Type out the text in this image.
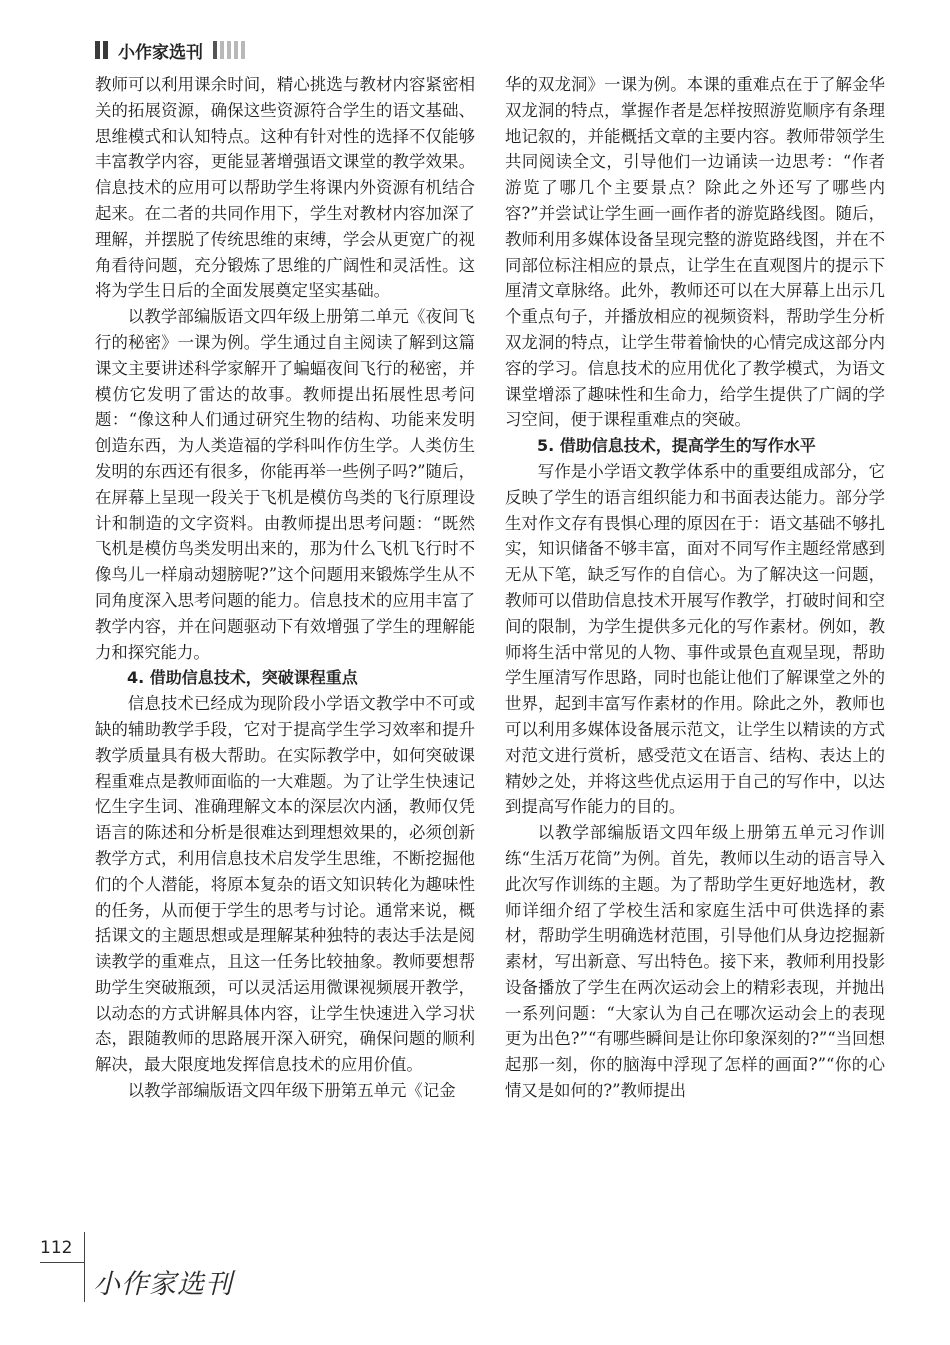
小作家选刊

教师可以利用课余时间，精心挑选与教材内容紧密相关的拓展资源，确保这些资源符合学生的语文基础、思维模式和认知特点。这种有针对性的选择不仅能够丰富教学内容，更能显著增强语文课堂的教学效果。信息技术的应用可以帮助学生将课内外资源有机结合起来。在二者的共同作用下，学生对教材内容加深了理解，并摆脱了传统思维的束缚，学会从更宽广的视角看待问题，充分锻炼了思维的广阔性和灵活性。这将为学生日后的全面发展奠定坚实基础。

以教学部编版语文四年级上册第二单元《夜间飞行的秘密》一课为例。学生通过自主阅读了解到这篇课文主要讲述科学家解开了蝙蝠夜间飞行的秘密，并模仿它发明了雷达的故事。教师提出拓展性思考问题：“像这种人们通过研究生物的结构、功能来发明创造东西，为人类造福的学科叫作仿生学。人类仿生发明的东西还有很多，你能再举一些例子吗?”随后，在屏幕上呈现一段关于飞机是模仿鸟类的飞行原理设计和制造的文字资料。由教师提出思考问题：“既然飞机是模仿鸟类发明出来的，那为什么飞机飞行时不像鸟儿一样扇动翅膀呢?”这个问题用来锻炼学生从不同角度深入思考问题的能力。信息技术的应用丰富了教学内容，并在问题驱动下有效增强了学生的理解能力和探究能力。

4. 借助信息技术，突破课程重点

信息技术已经成为现阶段小学语文教学中不可或缺的辅助教学手段，它对于提高学生学习效率和提升教学质量具有极大帮助。在实际教学中，如何突破课程重难点是教师面临的一大难题。为了让学生快速记忆生字生词、准确理解文本的深层次内涵，教师仅凭语言的陈述和分析是很难达到理想效果的，必须创新教学方式，利用信息技术启发学生思维，不断挖掘他们的个人潜能，将原本复杂的语文知识转化为趣味性的任务，从而便于学生的思考与讨论。通常来说，概括课文的主题思想或是理解某种独特的表达手法是阅读教学的重难点，且这一任务比较抽象。教师要想帮助学生突破瓶颈，可以灵活运用微课视频展开教学，以动态的方式讲解具体内容，让学生快速进入学习状态，跟随教师的思路展开深入研究，确保问题的顺利解决，最大限度地发挥信息技术的应用价值。

以教学部编版语文四年级下册第五单元《记金

华的双龙洞》一课为例。本课的重难点在于了解金华双龙洞的特点，掌握作者是怎样按照游览顺序有条理地记叙的，并能概括文章的主要内容。教师带领学生共同阅读全文，引导他们一边诵读一边思考：“作者游览了哪几个主要景点？除此之外还写了哪些内容?”并尝试让学生画一画作者的游览路线图。随后，教师利用多媒体设备呈现完整的游览路线图，并在不同部位标注相应的景点，让学生在直观图片的提示下厘清文章脉络。此外，教师还可以在大屏幕上出示几个重点句子，并播放相应的视频资料，帮助学生分析双龙洞的特点，让学生带着愉快的心情完成这部分内容的学习。信息技术的应用优化了教学模式，为语文课堂增添了趣味性和生命力，给学生提供了广阔的学习空间，便于课程重难点的突破。

5. 借助信息技术，提高学生的写作水平

写作是小学语文教学体系中的重要组成部分，它反映了学生的语言组织能力和书面表达能力。部分学生对作文存有畏惧心理的原因在于：语文基础不够扎实，知识储备不够丰富，面对不同写作主题经常感到无从下笔，缺乏写作的自信心。为了解决这一问题，教师可以借助信息技术开展写作教学，打破时间和空间的限制，为学生提供多元化的写作素材。例如，教师将生活中常见的人物、事件或景色直观呈现，帮助学生厘清写作思路，同时也能让他们了解课堂之外的世界，起到丰富写作素材的作用。除此之外，教师也可以利用多媒体设备展示范文，让学生以精读的方式对范文进行赏析，感受范文在语言、结构、表达上的精妙之处，并将这些优点运用于自己的写作中，以达到提高写作能力的目的。

以教学部编版语文四年级上册第五单元习作训练“生活万花筒”为例。首先，教师以生动的语言导入此次写作训练的主题。为了帮助学生更好地选材，教师详细介绍了学校生活和家庭生活中可供选择的素材，帮助学生明确选材范围，引导他们从身边挖掘新素材，写出新意、写出特色。接下来，教师利用投影设备播放了学生在两次运动会上的精彩表现，并抛出一系列问题：“大家认为自己在哪次运动会上的表现更为出色?”“有哪些瞬间是让你印象深刻的?”“当回想起那一刻，你的脑海中浮现了怎样的画面?”“你的心情又是如何的?”教师提出

112
小作家选刊
